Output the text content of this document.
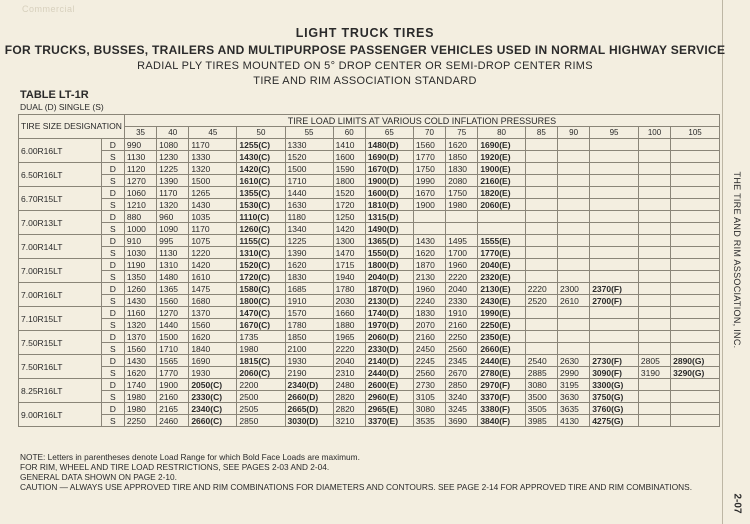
Commercial
LIGHT TRUCK TIRES
FOR TRUCKS, BUSSES, TRAILERS AND MULTIPURPOSE PASSENGER VEHICLES USED IN NORMAL HIGHWAY SERVICE
RADIAL PLY TIRES MOUNTED ON 5° DROP CENTER OR SEMI-DROP CENTER RIMS
TIRE AND RIM ASSOCIATION STANDARD
TABLE LT-1R
DUAL (D) SINGLE (S)
TIRE SIZE DESIGNATION		TIRE LOAD LIMITS AT VARIOUS COLD INFLATION PRESSURES														
		35	40	45	50	55	60	65	70	75	80	85	90	95	100	105
6.00R16LT	D	990	1080	1170	1255(C)	1330	1410	1480(D)	1560	1620	1690(E)					
	S	1130	1230	1330	1430(C)	1520	1600	1690(D)	1770	1850	1920(E)					
6.50R16LT	D	1120	1225	1320	1420(C)	1500	1590	1670(D)	1750	1830	1900(E)					
	S	1270	1390	1500	1610(C)	1710	1800	1900(D)	1990	2080	2160(E)					
6.70R15LT	D	1060	1170	1265	1355(C)	1440	1520	1600(D)	1670	1750	1820(E)					
	S	1210	1320	1430	1530(C)	1630	1720	1810(D)	1900	1980	2060(E)					
7.00R13LT	D	880	960	1035	1110(C)	1180	1250	1315(D)								
	S	1000	1090	1170	1260(C)	1340	1420	1490(D)								
7.00R14LT	D	910	995	1075	1155(C)	1225	1300	1365(D)	1430	1495	1555(E)					
	S	1030	1130	1220	1310(C)	1390	1470	1550(D)	1620	1700	1770(E)					
7.00R15LT	D	1190	1310	1420	1520(C)	1620	1715	1800(D)	1870	1960	2040(E)					
	S	1350	1480	1610	1720(C)	1830	1940	2040(D)	2130	2220	2320(E)					
7.00R16LT	D	1260	1365	1475	1580(C)	1685	1780	1870(D)	1960	2040	2130(E)	2220	2300	2370(F)		
	S	1430	1560	1680	1800(C)	1910	2030	2130(D)	2240	2330	2430(E)	2520	2610	2700(F)		
7.10R15LT	D	1160	1270	1370	1470(C)	1570	1660	1740(D)	1830	1910	1990(E)					
	S	1320	1440	1560	1670(C)	1780	1880	1970(D)	2070	2160	2250(E)					
7.50R15LT	D	1370	1500	1620	1735	1850	1965	2060(D)	2160	2250	2350(E)					
	S	1560	1710	1840	1980	2100	2220	2330(D)	2450	2560	2660(E)					
7.50R16LT	D	1430	1565	1690	1815(C)	1930	2040	2140(D)	2245	2345	2440(E)	2540	2630	2730(F)	2805	2890(G)
	S	1620	1770	1930	2060(C)	2190	2310	2440(D)	2560	2670	2780(E)	2885	2990	3090(F)	3190	3290(G)
8.25R16LT	D	1740	1900	2050(C)	2200	2340(D)	2480	2600(E)	2730	2850	2970(F)	3080	3195	3300(G)		
	S	1980	2160	2330(C)	2500	2660(D)	2820	2960(E)	3105	3240	3370(F)	3500	3630	3750(G)		
9.00R16LT	D	1980	2165	2340(C)	2505	2665(D)	2820	2965(E)	3080	3245	3380(F)	3505	3635	3760(G)		
	S	2250	2460	2660(C)	2850	3030(D)	3210	3370(E)	3535	3690	3840(F)	3985	4130	4275(G)		
NOTE: Letters in parentheses denote Load Range for which Bold Face Loads are maximum.
FOR RIM, WHEEL AND TIRE LOAD RESTRICTIONS, SEE PAGES 2-03 AND 2-04.
GENERAL DATA SHOWN ON PAGE 2-10.
CAUTION — ALWAYS USE APPROVED TIRE AND RIM COMBINATIONS FOR DIAMETERS AND CONTOURS. SEE PAGE 2-14 FOR APPROVED TIRE AND RIM COMBINATIONS.
THE TIRE AND RIM ASSOCIATION, INC.
2-07
